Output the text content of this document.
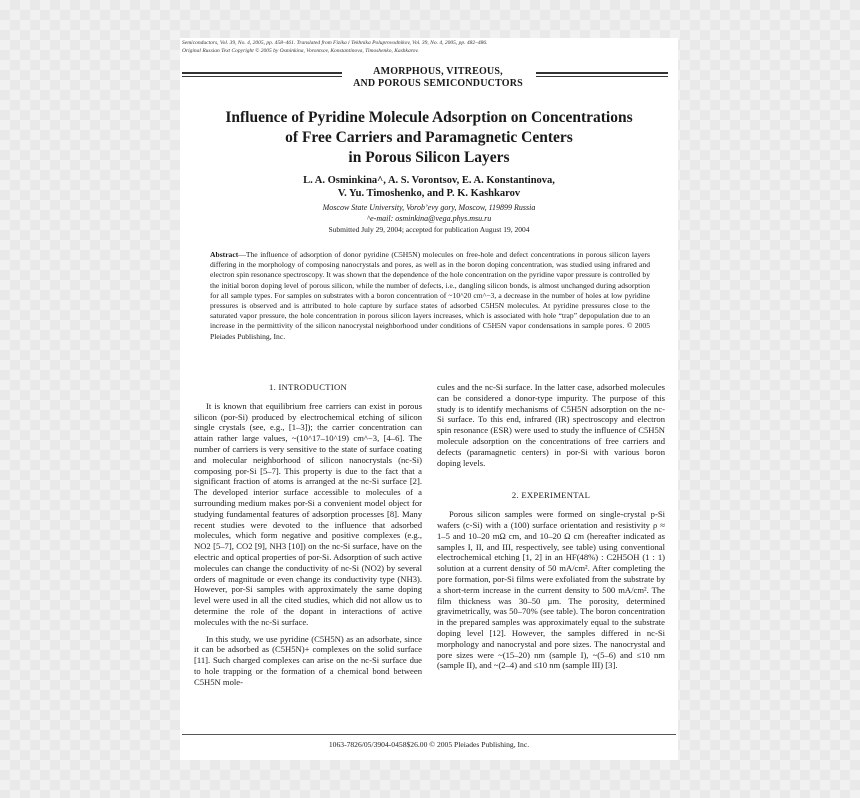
Semiconductors, Vol. 39, No. 4, 2005, pp. 458–461. Translated from Fizika i Tekhnika Poluprovodnikov, Vol. 39, No. 4, 2005, pp. 482–486.
Original Russian Text Copyright © 2005 by Osminkina, Vorontsov, Konstantinova, Timoshenko, Kashkarov.
AMORPHOUS, VITREOUS,
AND POROUS SEMICONDUCTORS
Influence of Pyridine Molecule Adsorption on Concentrations
of Free Carriers and Paramagnetic Centers
in Porous Silicon Layers
L. A. Osminkina^, A. S. Vorontsov, E. A. Konstantinova,
V. Yu. Timoshenko, and P. K. Kashkarov
Moscow State University, Vorob’evy gory, Moscow, 119899 Russia
^e-mail: osminkina@vega.phys.msu.ru
Submitted July 29, 2004; accepted for publication August 19, 2004
Abstract—The influence of adsorption of donor pyridine (C5H5N) molecules on free-hole and defect concentrations in porous silicon layers differing in the morphology of composing nanocrystals and pores, as well as in the boron doping concentration, was studied using infrared and electron spin resonance spectroscopy. It was shown that the dependence of the hole concentration on the pyridine vapor pressure is controlled by the initial boron doping level of porous silicon, while the number of defects, i.e., dangling silicon bonds, is almost unchanged during adsorption for all sample types. For samples on substrates with a boron concentration of ~10^20 cm^−3, a decrease in the number of holes at low pyridine pressures is observed and is attributed to hole capture by surface states of adsorbed C5H5N molecules. At pyridine pressures close to the saturated vapor pressure, the hole concentration in porous silicon layers increases, which is associated with hole “trap” depopulation due to an increase in the permittivity of the silicon nanocrystal neighborhood under conditions of C5H5N vapor condensations in sample pores. © 2005 Pleiades Publishing, Inc.
1. INTRODUCTION

It is known that equilibrium free carriers can exist in porous silicon (por-Si) produced by electrochemical etching of silicon single crystals (see, e.g., [1–3]); the carrier concentration can attain rather large values, ~(10^17–10^19) cm^−3, [4–6]. The number of carriers is very sensitive to the state of surface coating and molecular neighborhood of silicon nanocrystals (nc-Si) composing por-Si [5–7]. This property is due to the fact that a significant fraction of atoms is arranged at the nc-Si surface [2]. The developed interior surface accessible to molecules of a surrounding medium makes por-Si a convenient model object for studying fundamental features of adsorption processes [8]. Many recent studies were devoted to the influence that adsorbed molecules, which form negative and positive complexes (e.g., NO2 [5–7], CO2 [9], NH3 [10]) on the nc-Si surface, have on the electric and optical properties of por-Si. Adsorption of such active molecules can change the conductivity of nc-Si (NO2) by several orders of magnitude or even change its conductivity type (NH3). However, por-Si samples with approximately the same doping level were used in all the cited studies, which did not allow us to determine the role of the dopant in interactions of active molecules with the nc-Si surface.

In this study, we use pyridine (C5H5N) as an adsorbate, since it can be adsorbed as (C5H5N)+ complexes on the solid surface [11]. Such charged complexes can arise on the nc-Si surface due to hole trapping or the formation of a chemical bond between C5H5N mole-

cules and the nc-Si surface. In the latter case, adsorbed molecules can be considered a donor-type impurity. The purpose of this study is to identify mechanisms of C5H5N adsorption on the nc-Si surface. To this end, infrared (IR) spectroscopy and electron spin resonance (ESR) were used to study the influence of C5H5N molecule adsorption on the concentrations of free carriers and defects (paramagnetic centers) in por-Si with various boron doping levels.

2. EXPERIMENTAL

Porous silicon samples were formed on single-crystal p-Si wafers (c-Si) with a (100) surface orientation and resistivity ρ ≈ 1–5 and 10–20 mΩ cm, and 10–20 Ω cm (hereafter indicated as samples I, II, and III, respectively, see table) using conventional electrochemical etching [1, 2] in an HF(48%) : C2H5OH (1 : 1) solution at a current density of 50 mA/cm². After completing the pore formation, por-Si films were exfoliated from the substrate by a short-term increase in the current density to 500 mA/cm². The film thickness was 30–50 μm. The porosity, determined gravimetrically, was 50–70% (see table). The boron concentration in the prepared samples was approximately equal to the substrate doping level [12]. However, the samples differed in nc-Si morphology and nanocrystal and pore sizes. The nanocrystal and pore sizes were ~(15–20) nm (sample I), ~(5–6) and ≤10 nm (sample II), and ~(2–4) and ≤10 nm (sample III) [3].

1063-7826/05/3904-0458$26.00 © 2005 Pleiades Publishing, Inc.
